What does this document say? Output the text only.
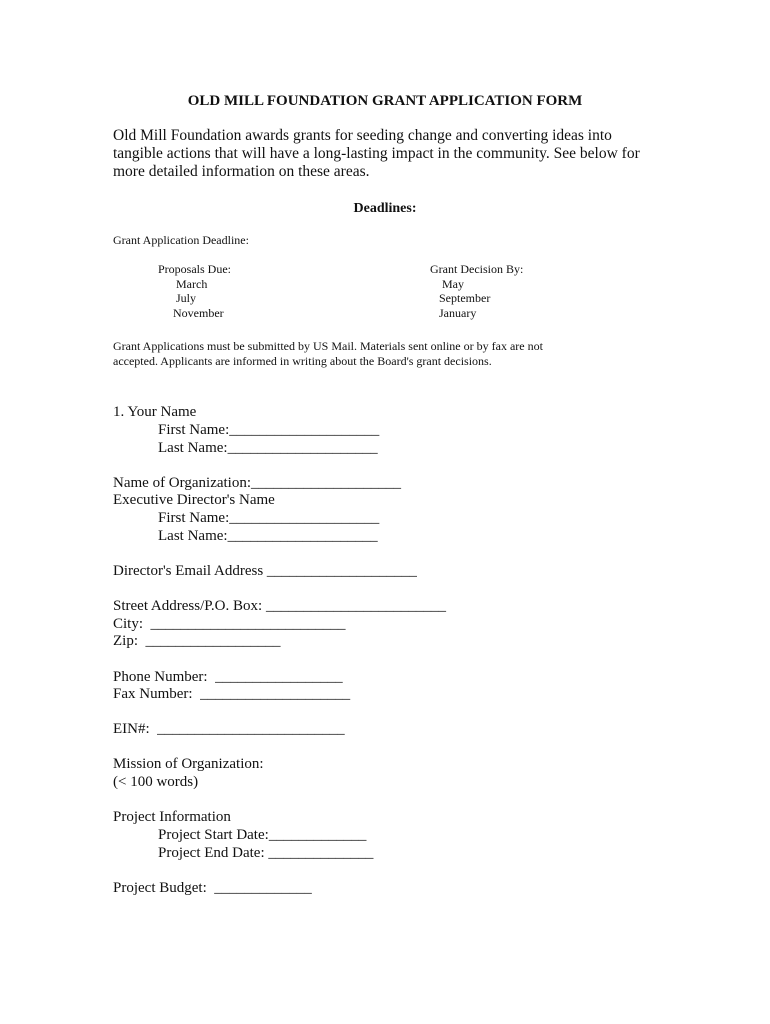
OLD MILL FOUNDATION GRANT APPLICATION FORM
Old Mill Foundation awards grants for seeding change and converting ideas into tangible actions that will have a long-lasting impact in the community. See below for more detailed information on these areas.
Deadlines:
Grant Application Deadline:
Proposals Due:
March
July
November
Grant Decision By:
May
September
January
Grant Applications must be submitted by US Mail. Materials sent online or by fax are not
accepted. Applicants are informed in writing about the Board's grant decisions.
1. Your Name
First Name:____________________
Last Name:____________________
Name of Organization:____________________
Executive Director's Name
First Name:____________________
Last Name:____________________
Director's Email Address ____________________
Street Address/P.O. Box: ________________________
City: __________________________
Zip: __________________
Phone Number: _________________
Fax Number: ____________________
EIN#: _________________________
Mission of Organization:
(< 100 words)
Project Information
Project Start Date:_____________
Project End Date: ______________
Project Budget: _____________
